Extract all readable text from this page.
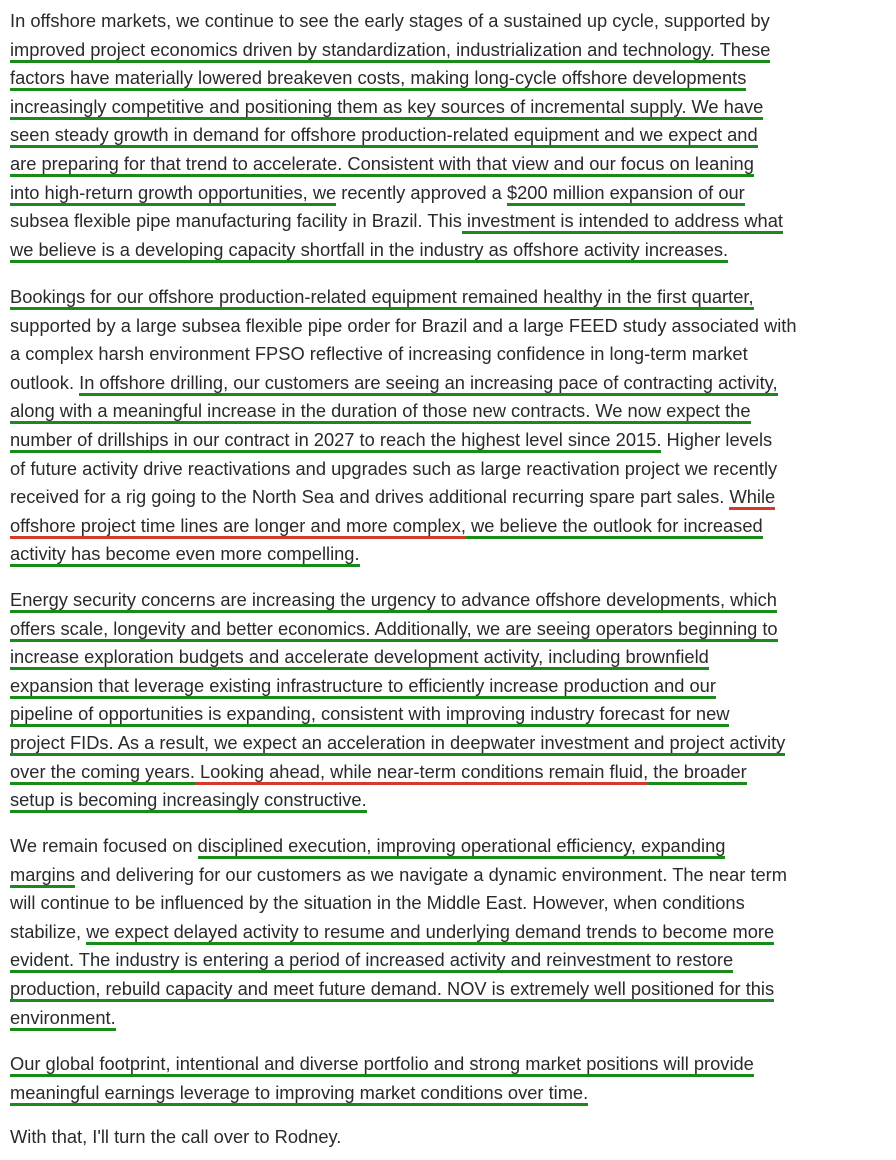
In offshore markets, we continue to see the early stages of a sustained up cycle, supported by
improved project economics driven by standardization, industrialization and technology. These
factors have materially lowered breakeven costs, making long-cycle offshore developments
increasingly competitive and positioning them as key sources of incremental supply. We have
seen steady growth in demand for offshore production-related equipment and we expect and
are preparing for that trend to accelerate. Consistent with that view and our focus on leaning
into high-return growth opportunities, we recently approved a $200 million expansion of our
subsea flexible pipe manufacturing facility in Brazil. This investment is intended to address what
we believe is a developing capacity shortfall in the industry as offshore activity increases.
Bookings for our offshore production-related equipment remained healthy in the first quarter,
supported by a large subsea flexible pipe order for Brazil and a large FEED study associated with
a complex harsh environment FPSO reflective of increasing confidence in long-term market
outlook. In offshore drilling, our customers are seeing an increasing pace of contracting activity,
along with a meaningful increase in the duration of those new contracts. We now expect the
number of drillships in our contract in 2027 to reach the highest level since 2015. Higher levels
of future activity drive reactivations and upgrades such as large reactivation project we recently
received for a rig going to the North Sea and drives additional recurring spare part sales. While
offshore project time lines are longer and more complex, we believe the outlook for increased
activity has become even more compelling.
Energy security concerns are increasing the urgency to advance offshore developments, which
offers scale, longevity and better economics. Additionally, we are seeing operators beginning to
increase exploration budgets and accelerate development activity, including brownfield
expansion that leverage existing infrastructure to efficiently increase production and our
pipeline of opportunities is expanding, consistent with improving industry forecast for new
project FIDs. As a result, we expect an acceleration in deepwater investment and project activity
over the coming years. Looking ahead, while near-term conditions remain fluid, the broader
setup is becoming increasingly constructive.
We remain focused on disciplined execution, improving operational efficiency, expanding
margins and delivering for our customers as we navigate a dynamic environment. The near term
will continue to be influenced by the situation in the Middle East. However, when conditions
stabilize, we expect delayed activity to resume and underlying demand trends to become more
evident. The industry is entering a period of increased activity and reinvestment to restore
production, rebuild capacity and meet future demand. NOV is extremely well positioned for this
environment.
Our global footprint, intentional and diverse portfolio and strong market positions will provide
meaningful earnings leverage to improving market conditions over time.
With that, I'll turn the call over to Rodney.
